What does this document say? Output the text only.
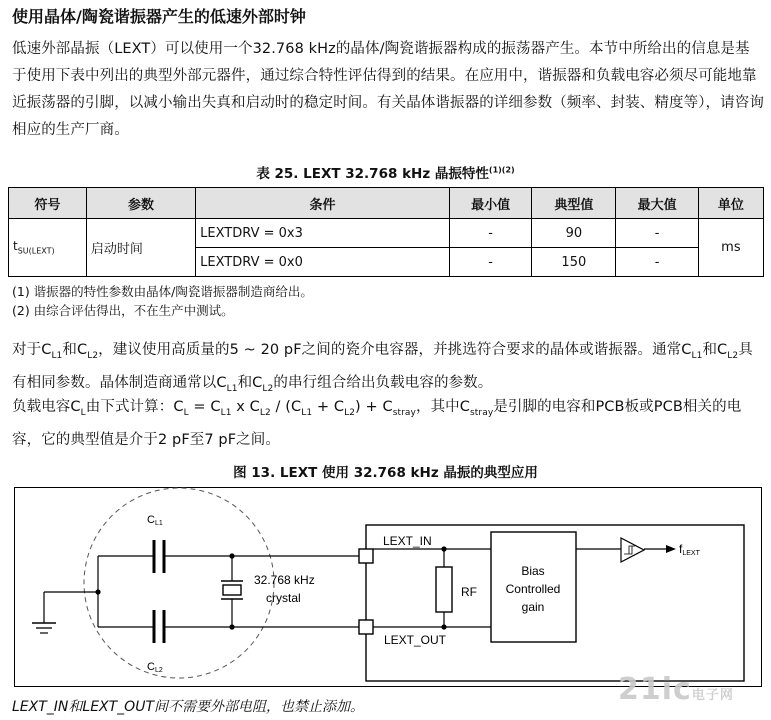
使用晶体/陶瓷谐振器产生的低速外部时钟
低速外部晶振（LEXT）可以使用一个32.768 kHz的晶体/陶瓷谐振器构成的振荡器产生。本节中所给出的信息是基于使用下表中列出的典型外部元器件，通过综合特性评估得到的结果。在应用中，谐振器和负载电容必须尽可能地靠近振荡器的引脚，以减小输出失真和启动时的稳定时间。有关晶体谐振器的详细参数（频率、封装、精度等），请咨询相应的生产厂商。
表 25. LEXT 32.768 kHz 晶振特性$^{(1)(2)}$
符号	参数	条件	最小值	典型值	最大值	单位
$t_{SU(LEXT)}$	启动时间	LEXTDRV = 0x3	-	90	-	ms
		LEXTDRV = 0x0	-	150	-	
(1) 谐振器的特性参数由晶体/陶瓷谐振器制造商给出。
(2) 由综合评估得出，不在生产中测试。
对于$C_{L1}$和$C_{L2}$，建议使用高质量的5 ~ 20 pF之间的瓷介电容器，并挑选符合要求的晶体或谐振器。通常$C_{L1}$和$C_{L2}$具有相同参数。晶体制造商通常以$C_{L1}$和$C_{L2}$的串行组合给出负载电容的参数。
负载电容$C_L$由下式计算：$C_L = C_{L1}$ x $C_{L2} / (C_{L1} + C_{L2}) + C_{stray}$，其中$C_{stray}$是引脚的电容和PCB板或PCB相关的电容，它的典型值是介于2 pF至7 pF之间。
图 13. LEXT 使用 32.768 kHz 晶振的典型应用
CL1
CL2
32.768 kHz
crystal
LEXT_IN
LEXT_OUT
RF
Bias
Controlled
gain
fLEXT
LEXT_IN和LEXT_OUT间不需要外部电阻，也禁止添加。	21ic电子网
